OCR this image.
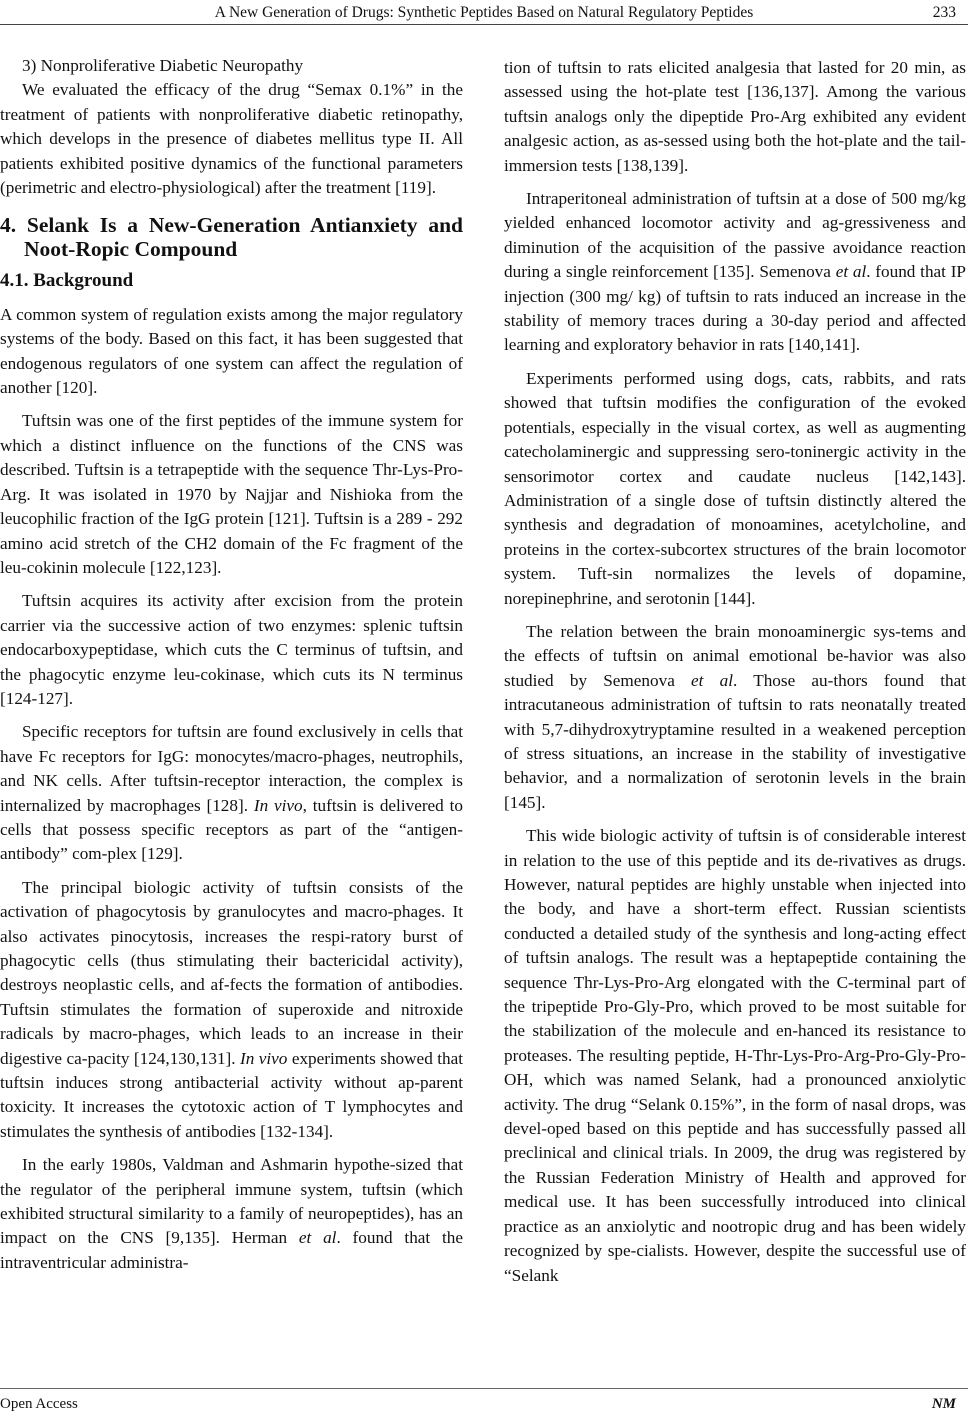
A New Generation of Drugs: Synthetic Peptides Based on Natural Regulatory Peptides	233

3) Nonproliferative Diabetic Neuropathy

We evaluated the efficacy of the drug “Semax 0.1%” in the treatment of patients with nonproliferative diabetic retinopathy, which develops in the presence of diabetes mellitus type II. All patients exhibited positive dynamics of the functional parameters (perimetric and electro-physiological) after the treatment [119].

4. Selank Is a New-Generation Antianxiety and Noot-Ropic Compound
4.1. Background

A common system of regulation exists among the major regulatory systems of the body. Based on this fact, it has been suggested that endogenous regulators of one system can affect the regulation of another [120].

Tuftsin was one of the first peptides of the immune system for which a distinct influence on the functions of the CNS was described. Tuftsin is a tetrapeptide with the sequence Thr-Lys-Pro-Arg. It was isolated in 1970 by Najjar and Nishioka from the leucophilic fraction of the IgG protein [121]. Tuftsin is a 289 - 292 amino acid stretch of the CH2 domain of the Fc fragment of the leu-cokinin molecule [122,123].

Tuftsin acquires its activity after excision from the protein carrier via the successive action of two enzymes: splenic tuftsin endocarboxypeptidase, which cuts the C terminus of tuftsin, and the phagocytic enzyme leu-cokinase, which cuts its N terminus [124-127].

Specific receptors for tuftsin are found exclusively in cells that have Fc receptors for IgG: monocytes/macro-phages, neutrophils, and NK cells. After tuftsin-receptor interaction, the complex is internalized by macrophages [128]. In vivo, tuftsin is delivered to cells that possess specific receptors as part of the “antigen-antibody” com-plex [129].

The principal biologic activity of tuftsin consists of the activation of phagocytosis by granulocytes and macro-phages. It also activates pinocytosis, increases the respi-ratory burst of phagocytic cells (thus stimulating their bactericidal activity), destroys neoplastic cells, and af-fects the formation of antibodies. Tuftsin stimulates the formation of superoxide and nitroxide radicals by macro-phages, which leads to an increase in their digestive ca-pacity [124,130,131]. In vivo experiments showed that tuftsin induces strong antibacterial activity without ap-parent toxicity. It increases the cytotoxic action of T lymphocytes and stimulates the synthesis of antibodies [132-134].

In the early 1980s, Valdman and Ashmarin hypothe-sized that the regulator of the peripheral immune system, tuftsin (which exhibited structural similarity to a family of neuropeptides), has an impact on the CNS [9,135]. Herman et al. found that the intraventricular administra-

tion of tuftsin to rats elicited analgesia that lasted for 20 min, as assessed using the hot-plate test [136,137]. Among the various tuftsin analogs only the dipeptide Pro-Arg exhibited any evident analgesic action, as as-sessed using both the hot-plate and the tail-immersion tests [138,139].

Intraperitoneal administration of tuftsin at a dose of 500 mg/kg yielded enhanced locomotor activity and ag-gressiveness and diminution of the acquisition of the passive avoidance reaction during a single reinforcement [135]. Semenova et al. found that IP injection (300 mg/ kg) of tuftsin to rats induced an increase in the stability of memory traces during a 30-day period and affected learning and exploratory behavior in rats [140,141].

Experiments performed using dogs, cats, rabbits, and rats showed that tuftsin modifies the configuration of the evoked potentials, especially in the visual cortex, as well as augmenting catecholaminergic and suppressing sero-toninergic activity in the sensorimotor cortex and caudate nucleus [142,143]. Administration of a single dose of tuftsin distinctly altered the synthesis and degradation of monoamines, acetylcholine, and proteins in the cortex-subcortex structures of the brain locomotor system. Tuft-sin normalizes the levels of dopamine, norepinephrine, and serotonin [144].

The relation between the brain monoaminergic sys-tems and the effects of tuftsin on animal emotional be-havior was also studied by Semenova et al. Those au-thors found that intracutaneous administration of tuftsin to rats neonatally treated with 5,7-dihydroxytryptamine resulted in a weakened perception of stress situations, an increase in the stability of investigative behavior, and a normalization of serotonin levels in the brain [145].

This wide biologic activity of tuftsin is of considerable interest in relation to the use of this peptide and its de-rivatives as drugs. However, natural peptides are highly unstable when injected into the body, and have a short-term effect. Russian scientists conducted a detailed study of the synthesis and long-acting effect of tuftsin analogs. The result was a heptapeptide containing the sequence Thr-Lys-Pro-Arg elongated with the C-terminal part of the tripeptide Pro-Gly-Pro, which proved to be most suitable for the stabilization of the molecule and en-hanced its resistance to proteases. The resulting peptide, H-Thr-Lys-Pro-Arg-Pro-Gly-Pro-OH, which was named Selank, had a pronounced anxiolytic activity. The drug “Selank 0.15%”, in the form of nasal drops, was devel-oped based on this peptide and has successfully passed all preclinical and clinical trials. In 2009, the drug was registered by the Russian Federation Ministry of Health and approved for medical use. It has been successfully introduced into clinical practice as an anxiolytic and nootropic drug and has been widely recognized by spe-cialists. However, despite the successful use of “Selank

Open Access	NM
